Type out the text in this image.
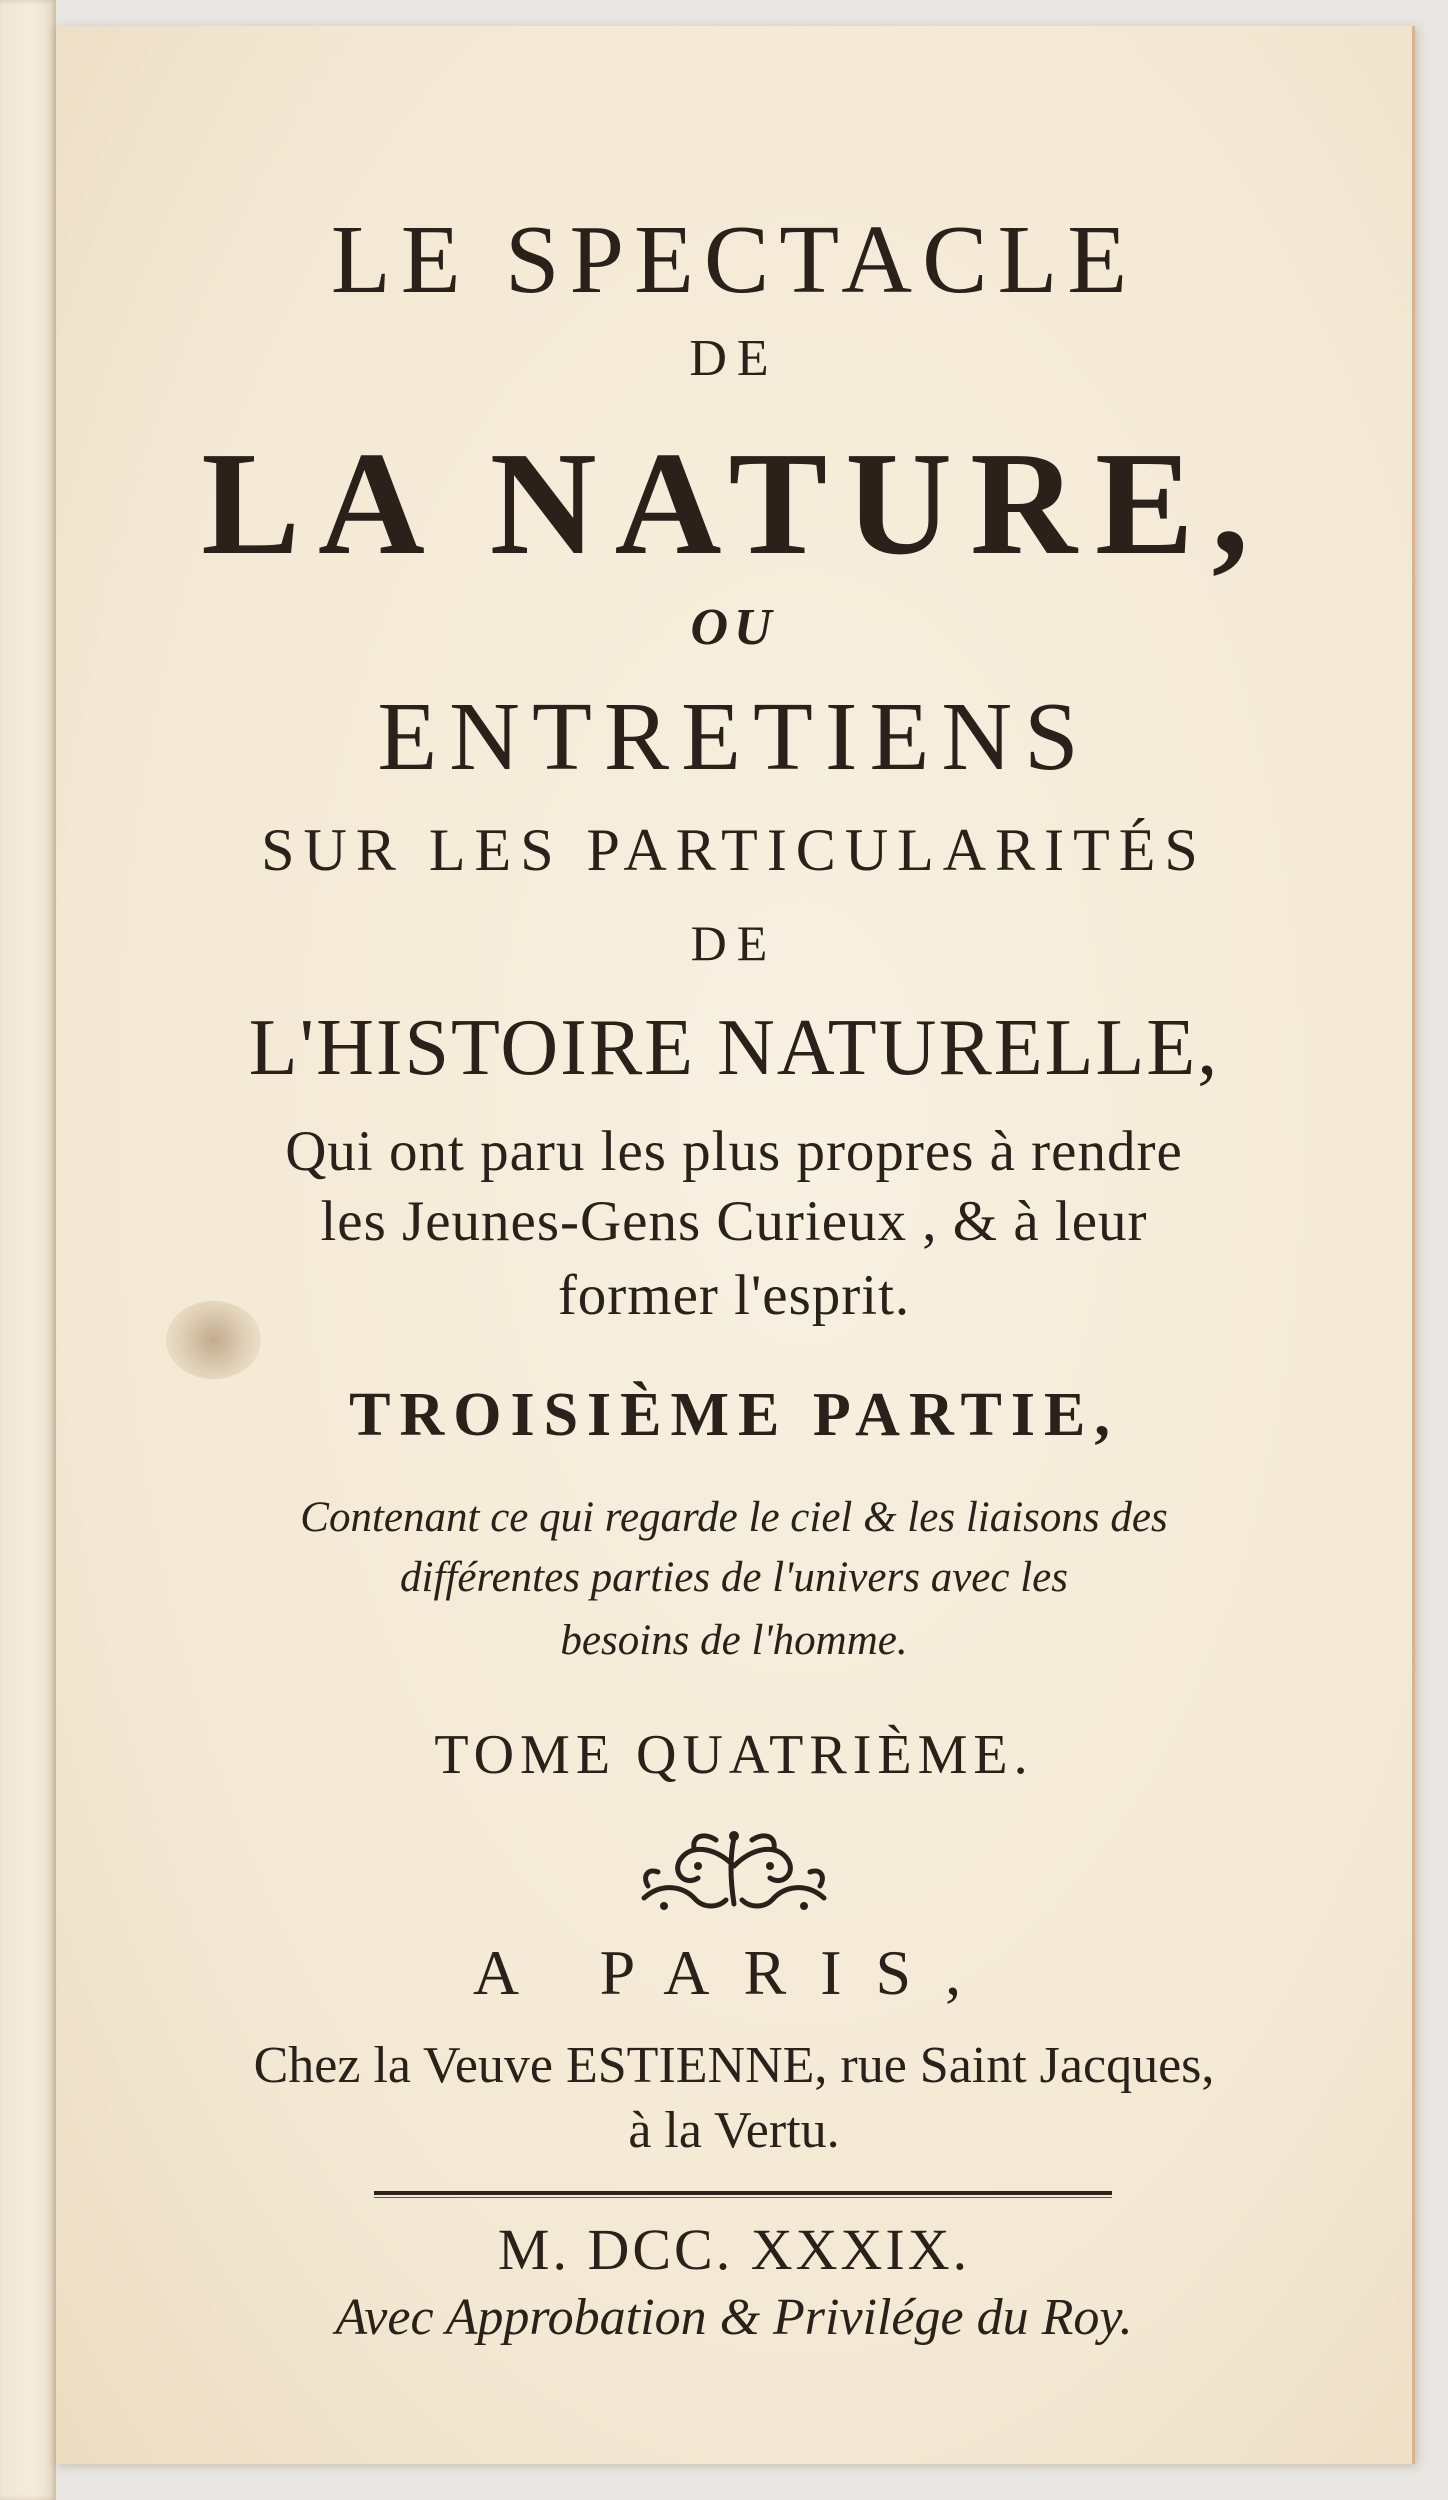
LE SPECTACLE

DE

LA NATURE,

OU

ENTRETIENS

SUR LES PARTICULARITÉS

DE

L'HISTOIRE NATURELLE,

Qui ont paru les plus propres à rendre

les Jeunes-Gens Curieux , & à leur

former l'esprit.

TROISIÈME PARTIE,

Contenant ce qui regarde le ciel & les liaisons des

différentes parties de l'univers avec les

besoins de l'homme.

TOME QUATRIÈME.

A PARIS,

Chez la Veuve ESTIENNE, rue Saint Jacques,

à la Vertu.

M. DCC. XXXIX.

Avec Approbation & Privilége du Roy.
